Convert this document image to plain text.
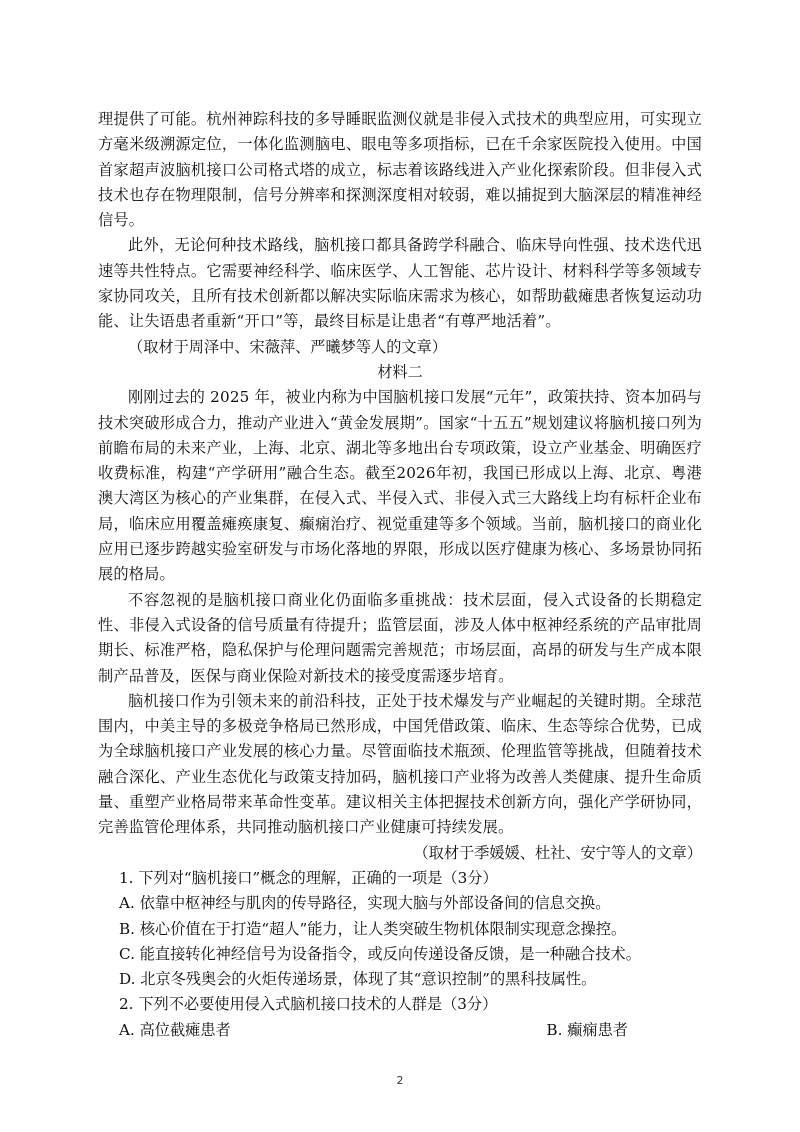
理提供了可能。杭州神踪科技的多导睡眠监测仪就是非侵入式技术的典型应用，可实现立方毫米级溯源定位，一体化监测脑电、眼电等多项指标，已在千余家医院投入使用。中国首家超声波脑机接口公司格式塔的成立，标志着该路线进入产业化探索阶段。但非侵入式技术也存在物理限制，信号分辨率和探测深度相对较弱，难以捕捉到大脑深层的精准神经信号。

此外，无论何种技术路线，脑机接口都具备跨学科融合、临床导向性强、技术迭代迅速等共性特点。它需要神经科学、临床医学、人工智能、芯片设计、材料科学等多领域专家协同攻关，且所有技术创新都以解决实际临床需求为核心，如帮助截瘫患者恢复运动功能、让失语患者重新“开口”等，最终目标是让患者“有尊严地活着”。

（取材于周泽中、宋薇萍、严曦梦等人的文章）

材料二

刚刚过去的 2025 年，被业内称为中国脑机接口发展“元年”，政策扶持、资本加码与技术突破形成合力，推动产业进入“黄金发展期”。国家“十五五”规划建议将脑机接口列为前瞻布局的未来产业，上海、北京、湖北等多地出台专项政策，设立产业基金、明确医疗收费标准，构建“产学研用”融合生态。截至2026年初，我国已形成以上海、北京、粤港澳大湾区为核心的产业集群，在侵入式、半侵入式、非侵入式三大路线上均有标杆企业布局，临床应用覆盖瘫痪康复、癫痫治疗、视觉重建等多个领域。当前，脑机接口的商业化应用已逐步跨越实验室研发与市场化落地的界限，形成以医疗健康为核心、多场景协同拓展的格局。

不容忽视的是脑机接口商业化仍面临多重挑战：技术层面，侵入式设备的长期稳定性、非侵入式设备的信号质量有待提升；监管层面，涉及人体中枢神经系统的产品审批周期长、标准严格，隐私保护与伦理问题需完善规范；市场层面，高昂的研发与生产成本限制产品普及，医保与商业保险对新技术的接受度需逐步培育。

脑机接口作为引领未来的前沿科技，正处于技术爆发与产业崛起的关键时期。全球范围内，中美主导的多极竞争格局已然形成，中国凭借政策、临床、生态等综合优势，已成为全球脑机接口产业发展的核心力量。尽管面临技术瓶颈、伦理监管等挑战，但随着技术融合深化、产业生态优化与政策支持加码，脑机接口产业将为改善人类健康、提升生命质量、重塑产业格局带来革命性变革。建议相关主体把握技术创新方向，强化产学研协同，完善监管伦理体系，共同推动脑机接口产业健康可持续发展。

（取材于季媛媛、杜社、安宁等人的文章）

1. 下列对“脑机接口”概念的理解，正确的一项是（3分）

A. 依靠中枢神经与肌肉的传导路径，实现大脑与外部设备间的信息交换。

B. 核心价值在于打造“超人”能力，让人类突破生物机体限制实现意念操控。

C. 能直接转化神经信号为设备指令，或反向传递设备反馈，是一种融合技术。

D. 北京冬残奥会的火炬传递场景，体现了其“意识控制”的黑科技属性。

2. 下列不必要使用侵入式脑机接口技术的人群是（3分）

A. 高位截瘫患者	B. 癫痫患者
2
